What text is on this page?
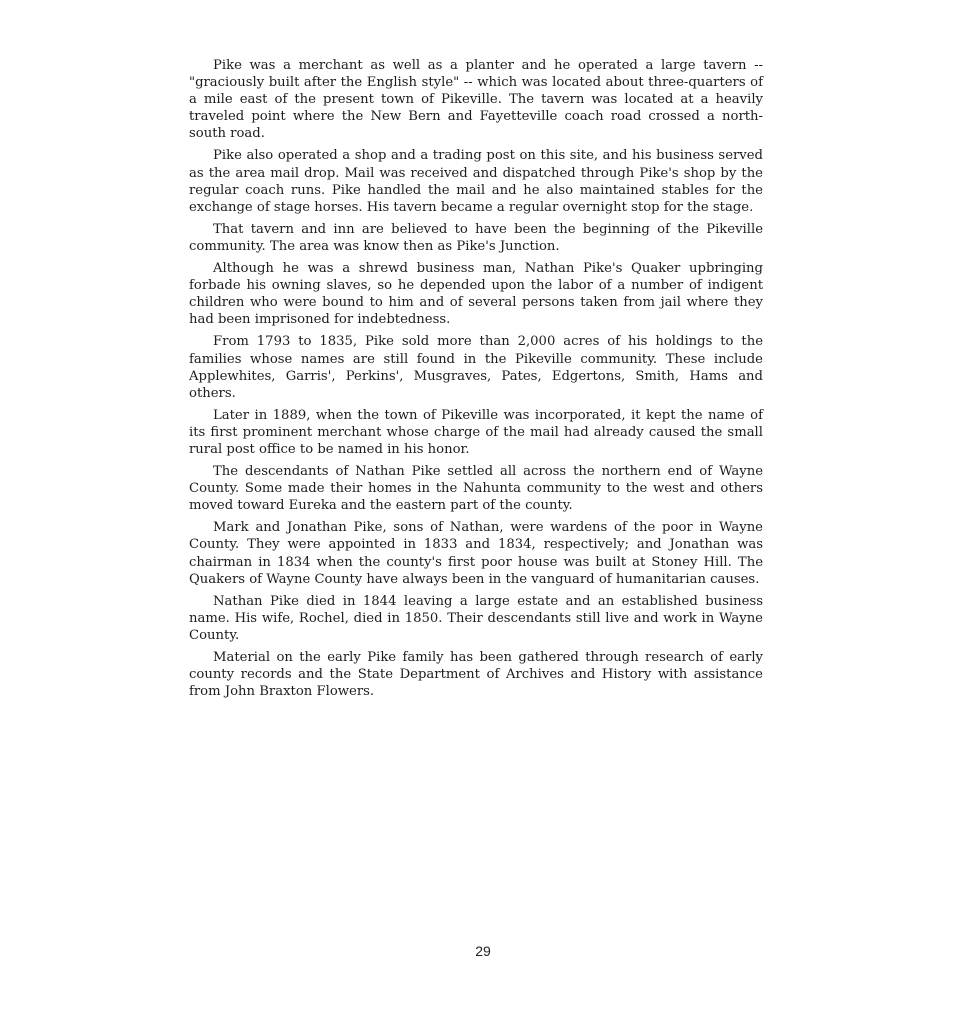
Pike was a merchant as well as a planter and he operated a large tavern -- "graciously built after the English style" -- which was located about three-quarters of a mile east of the present town of Pikeville. The tavern was located at a heavily traveled point where the New Bern and Fayetteville coach road crossed a north-south road.

Pike also operated a shop and a trading post on this site, and his business served as the area mail drop. Mail was received and dispatched through Pike's shop by the regular coach runs. Pike handled the mail and he also maintained stables for the exchange of stage horses. His tavern became a regular overnight stop for the stage.

That tavern and inn are believed to have been the beginning of the Pikeville community. The area was know then as Pike's Junction.

Although he was a shrewd business man, Nathan Pike's Quaker upbringing forbade his owning slaves, so he depended upon the labor of a number of indigent children who were bound to him and of several persons taken from jail where they had been imprisoned for indebtedness.

From 1793 to 1835, Pike sold more than 2,000 acres of his holdings to the families whose names are still found in the Pikeville community. These include Applewhites, Garris', Perkins', Musgraves, Pates, Edgertons, Smith, Hams and others.

Later in 1889, when the town of Pikeville was incorporated, it kept the name of its first prominent merchant whose charge of the mail had already caused the small rural post office to be named in his honor.

The descendants of Nathan Pike settled all across the northern end of Wayne County. Some made their homes in the Nahunta community to the west and others moved toward Eureka and the eastern part of the county.

Mark and Jonathan Pike, sons of Nathan, were wardens of the poor in Wayne County. They were appointed in 1833 and 1834, respectively; and Jonathan was chairman in 1834 when the county's first poor house was built at Stoney Hill. The Quakers of Wayne County have always been in the vanguard of humanitarian causes.

Nathan Pike died in 1844 leaving a large estate and an established business name. His wife, Rochel, died in 1850. Their descendants still live and work in Wayne County.

Material on the early Pike family has been gathered through research of early county records and the State Department of Archives and History with assistance from John Braxton Flowers.

29
